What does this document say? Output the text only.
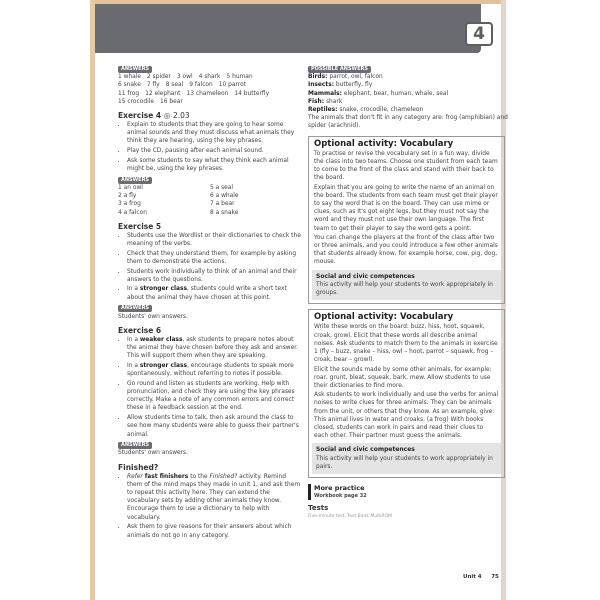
4
ANSWERS
1 whale 2 spider 3 owl 4 shark 5 human
6 snake 7 fly 8 seal 9 falcon 10 parrot
11 frog 12 elephant 13 chameleon 14 butterfly
15 crocodile 16 bear
Exercise 4 ◎ 2.03
• Explain to students that they are going to hear some animal sounds and they must discuss what animals they think they are hearing, using the key phrases.
• Play the CD, pausing after each animal sound.
• Ask some students to say what they think each animal might be, using the key phrases.
ANSWERS
1 an owl	5 a seal
2 a fly	6 a whale
3 a frog	7 a bear
4 a falcon	8 a snake
Exercise 5
• Students use the Wordlist or their dictionaries to check the meaning of the verbs.
• Check that they understand them, for example by asking them to demonstrate the actions.
• Students work individually to think of an animal and their answers to the questions.
• In a stronger class, students could write a short text about the animal they have chosen at this point.
ANSWERS
Students' own answers.
Exercise 6
• In a weaker class, ask students to prepare notes about the animal they have chosen before they ask and answer. This will support them when they are speaking.
• In a stronger class, encourage students to speak more spontaneously, without referring to notes if possible.
• Go round and listen as students are working. Help with pronunciation, and check they are using the key phrases correctly. Make a note of any common errors and correct these in a feedback session at the end.
• Allow students time to talk, then ask around the class to see how many students were able to guess their partner's animal.
ANSWERS
Students' own answers.
Finished?
• Refer fast finishers to the Finished? activity. Remind them of the mind maps they made in unit 1, and ask them to repeat this activity here. They can extend the vocabulary sets by adding other animals they know. Encourage them to use a dictionary to help with vocabulary.
• Ask them to give reasons for their answers about which animals do not go in any category.
POSSIBLE ANSWERS
Birds: parrot, owl, falcon
Insects: butterfly, fly
Mammals: elephant, bear, human, whale, seal
Fish: shark
Reptiles: snake, crocodile, chameleon
The animals that don't fit in any category are: frog (amphibian) and spider (arachnid).
Optional activity: Vocabulary

To practise or revise the vocabulary set in a fun way, divide the class into two teams. Choose one student from each team to come to the front of the class and stand with their back to the board.

Explain that you are going to write the name of an animal on the board. The students from each team must get their player to say the word that is on the board. They can use mime or clues, such as It's got eight legs, but they must not say the word and they must not use their own language. The first team to get their player to say the word gets a point.

You can change the players at the front of the class after two or three animals, and you could introduce a few other animals that students already know, for example horse, cow, pig, dog, mouse.

Social and civic competences
This activity will help your students to work appropriately in groups.
Optional activity: Vocabulary

Write these words on the board: buzz, hiss, hoot, squawk, croak, growl. Elicit that these words all describe animal noises. Ask students to match them to the animals in exercise 1 (fly – buzz, snake – hiss, owl – hoot, parrot – squawk, frog – croak, bear – growl).

Elicit the sounds made by some other animals, for example: roar, grunt, bleat, squeak, bark, mew. Allow students to use their dictionaries to find more.

Ask students to work individually and use the verbs for animal noises to write clues for three animals. They can be animals from the unit, or others that they know. As an example, give: This animal lives in water and croaks. (a frog) With books closed, students can work in pairs and read their clues to each other. Their partner must guess the animals.

Social and civic competences
This activity will help your students to work appropriately in pairs.
More practice
Workbook page 32
Tests
Five-minute test, Test Bank MultiROM
Unit 4 75
